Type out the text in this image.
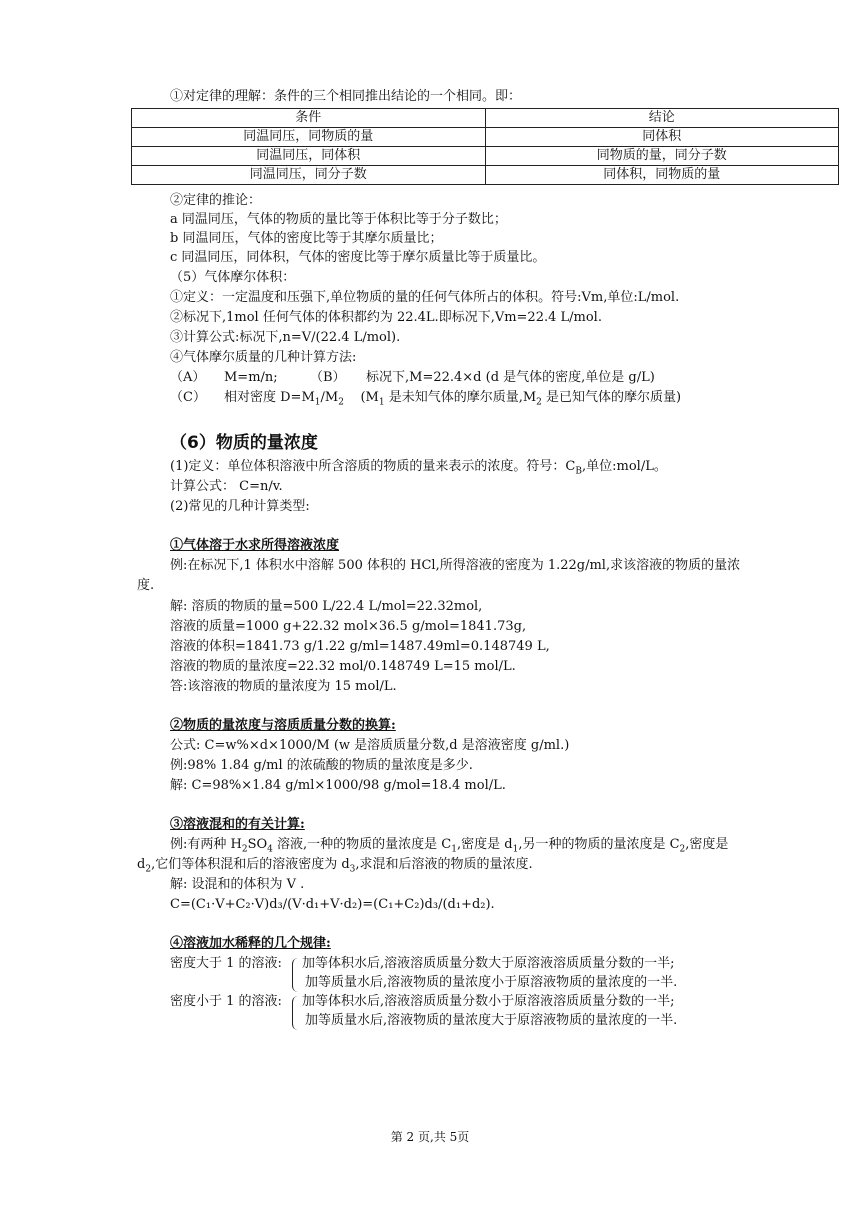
①对定律的理解：条件的三个相同推出结论的一个相同。即：
条件	结论
同温同压，同物质的量	同体积
同温同压，同体积	同物质的量，同分子数
同温同压，同分子数	同体积，同物质的量
②定律的推论：
a 同温同压，气体的物质的量比等于体积比等于分子数比；
b 同温同压，气体的密度比等于其摩尔质量比；
c 同温同压，同体积，气体的密度比等于摩尔质量比等于质量比。
（5）气体摩尔体积：
①定义：一定温度和压强下,单位物质的量的任何气体所占的体积。符号:Vm,单位:L/mol.
②标况下,1mol 任何气体的体积都约为 22.4L.即标况下,Vm=22.4 L/mol.
③计算公式:标况下,n=V/(22.4 L/mol).
④气体摩尔质量的几种计算方法:
（A） M=m/n; （B） 标况下,M=22.4×d (d 是气体的密度,单位是 g/L)
（C） 相对密度 $D=M_1/M_2$ ($M_1$ 是未知气体的摩尔质量$,M_2$ 是已知气体的摩尔质量)
（6）物质的量浓度
(1)定义：单位体积溶液中所含溶质的物质的量来表示的浓度。符号：$C_B$,单位:mol/L。
计算公式： C=n/v.
(2)常见的几种计算类型:
①气体溶于水求所得溶液浓度
例:在标况下,1 体积水中溶解 500 体积的 HCl,所得溶液的密度为 1.22g/ml,求该溶液的物质的量浓
度.
解: 溶质的物质的量=500 L/22.4 L/mol=22.32mol,
溶液的质量=1000 g+22.32 mol×36.5 g/mol=1841.73g,
溶液的体积=1841.73 g/1.22 g/ml=1487.49ml=0.148749 L,
溶液的物质的量浓度=22.32 mol/0.148749 L=15 mol/L.
答:该溶液的物质的量浓度为 15 mol/L.
②物质的量浓度与溶质质量分数的换算:
公式: C=w%×d×1000/M (w 是溶质质量分数,d 是溶液密度 g/ml.)
例:98% 1.84 g/ml 的浓硫酸的物质的量浓度是多少.
解: C=98%×1.84 g/ml×1000/98 g/mol=18.4 mol/L.
③溶液混和的有关计算:
例:有两种 $H_2SO_4$ 溶液,一种的物质的量浓度是 $C_1$,密度是 $d_1$,另一种的物质的量浓度是 $C_2$,密度是
$d_2$,它们等体积混和后的溶液密度为 $d_3$,求混和后溶液的物质的量浓度.
解: 设混和的体积为 V .
C=(C₁·V+C₂·V)d₃/(V·d₁+V·d₂)=(C₁+C₂)d₃/(d₁+d₂).
④溶液加水稀释的几个规律:
密度大于 1 的溶液: 加等体积水后,溶液溶质质量分数大于原溶液溶质质量分数的一半;
加等质量水后,溶液物质的量浓度小于原溶液物质的量浓度的一半.
密度小于 1 的溶液: 加等体积水后,溶液溶质质量分数小于原溶液溶质质量分数的一半;
加等质量水后,溶液物质的量浓度大于原溶液物质的量浓度的一半.
第 2 页,共 5页
